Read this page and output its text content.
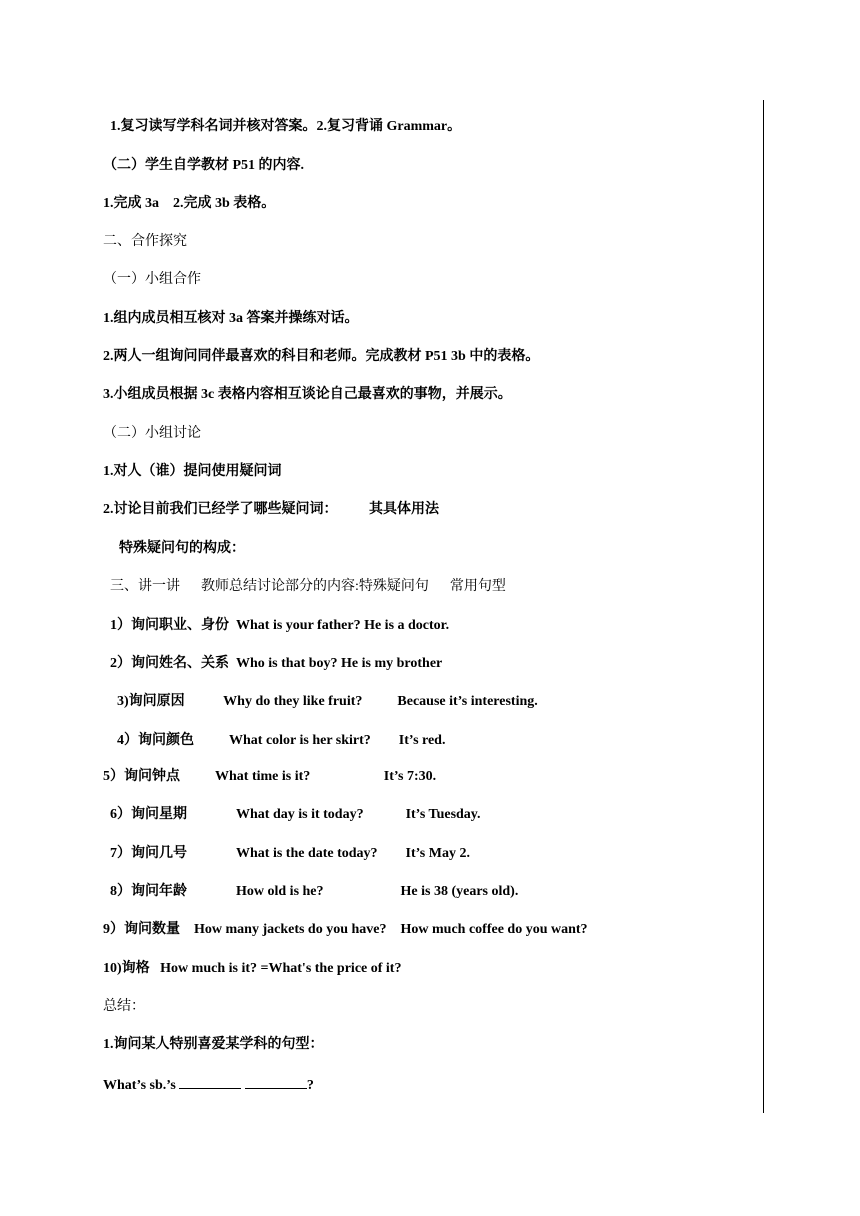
1.复习读写学科名词并核对答案。2.复习背诵 Grammar。
（二）学生自学教材 P51 的内容.
1.完成 3a    2.完成 3b 表格。
二、合作探究
（一）小组合作
1.组内成员相互核对 3a 答案并操练对话。
2.两人一组询问同伴最喜欢的科目和老师。完成教材 P51 3b 中的表格。
3.小组成员根据 3c 表格内容相互谈论自己最喜欢的事物，并展示。
（二）小组讨论
1.对人（谁）提问使用疑问词
2.讨论目前我们已经学了哪些疑问词：         其具体用法
特殊疑问句的构成：
三、讲一讲      教师总结讨论部分的内容:特殊疑问句      常用句型
1）询问职业、身份  What is your father? He is a doctor.
2）询问姓名、关系  Who is that boy? He is my brother
3)询问原因           Why do they like fruit?          Because it’s interesting.
4）询问颜色          What color is her skirt?        It’s red.
5）询问钟点          What time is it?                     It’s 7:30.
6）询问星期              What day is it today?            It’s Tuesday.
7）询问几号              What is the date today?        It’s May 2.
8）询问年龄              How old is he?                      He is 38 (years old).
9）询问数量    How many jackets do you have?    How much coffee do you want?
10)询格   How much is it? =What's the price of it?
总结：
1.询问某人特别喜爱某学科的句型：
What’s sb.’s	?
